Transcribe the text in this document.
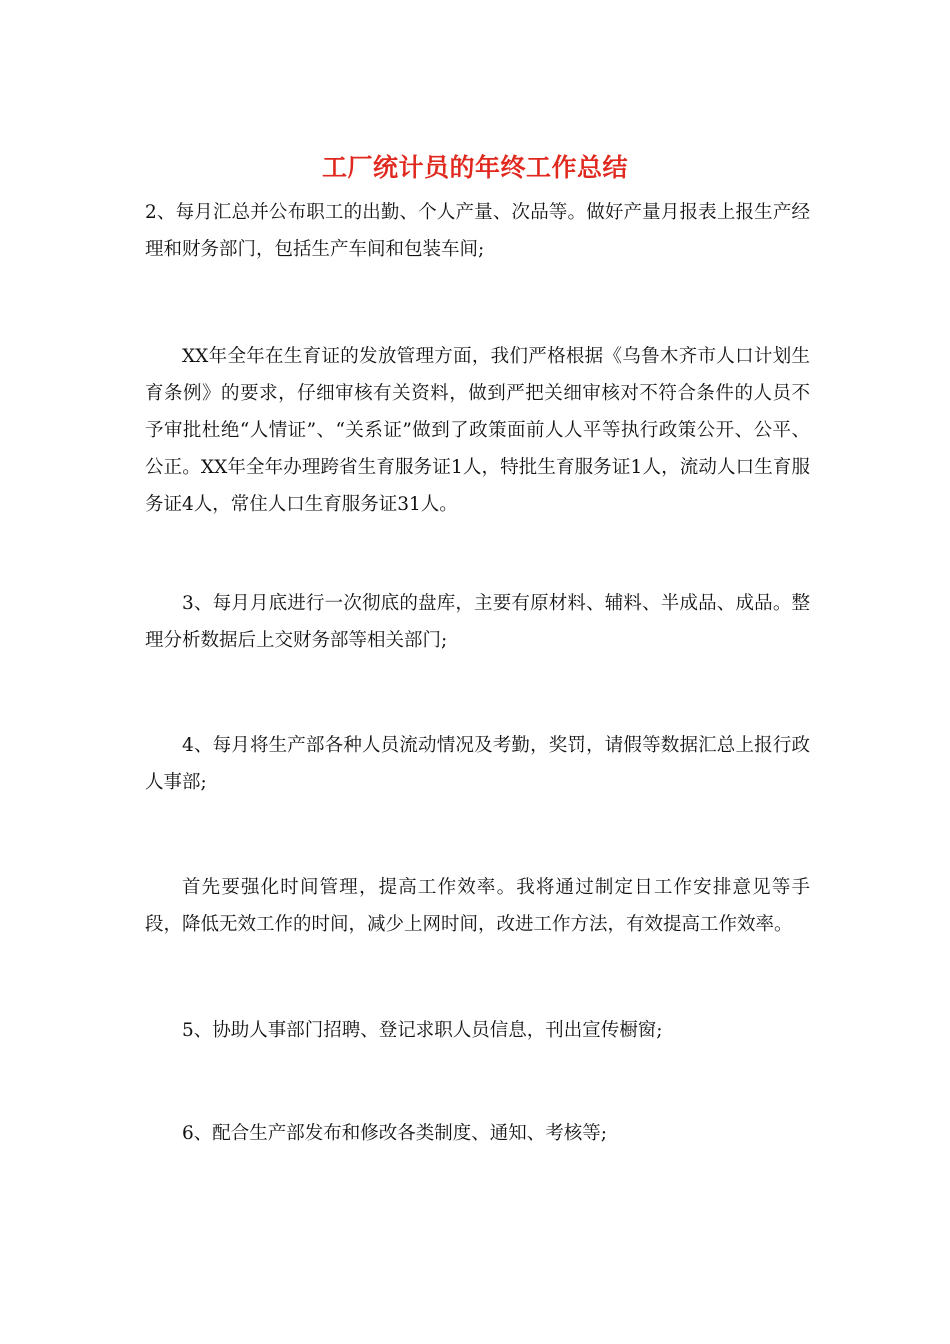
工厂统计员的年终工作总结

2、每月汇总并公布职工的出勤、个人产量、次品等。做好产量月报表上报生产经理和财务部门，包括生产车间和包装车间;

XX年全年在生育证的发放管理方面，我们严格根据《乌鲁木齐市人口计划生育条例》的要求，仔细审核有关资料，做到严把关细审核对不符合条件的人员不予审批杜绝“人情证”、“关系证”做到了政策面前人人平等执行政策公开、公平、公正。XX年全年办理跨省生育服务证1人，特批生育服务证1人，流动人口生育服务证4人，常住人口生育服务证31人。

3、每月月底进行一次彻底的盘库，主要有原材料、辅料、半成品、成品。整理分析数据后上交财务部等相关部门;

4、每月将生产部各种人员流动情况及考勤，奖罚，请假等数据汇总上报行政人事部;

首先要强化时间管理，提高工作效率。我将通过制定日工作安排意见等手段，降低无效工作的时间，减少上网时间，改进工作方法，有效提高工作效率。

5、协助人事部门招聘、登记求职人员信息，刊出宣传橱窗;

6、配合生产部发布和修改各类制度、通知、考核等;
